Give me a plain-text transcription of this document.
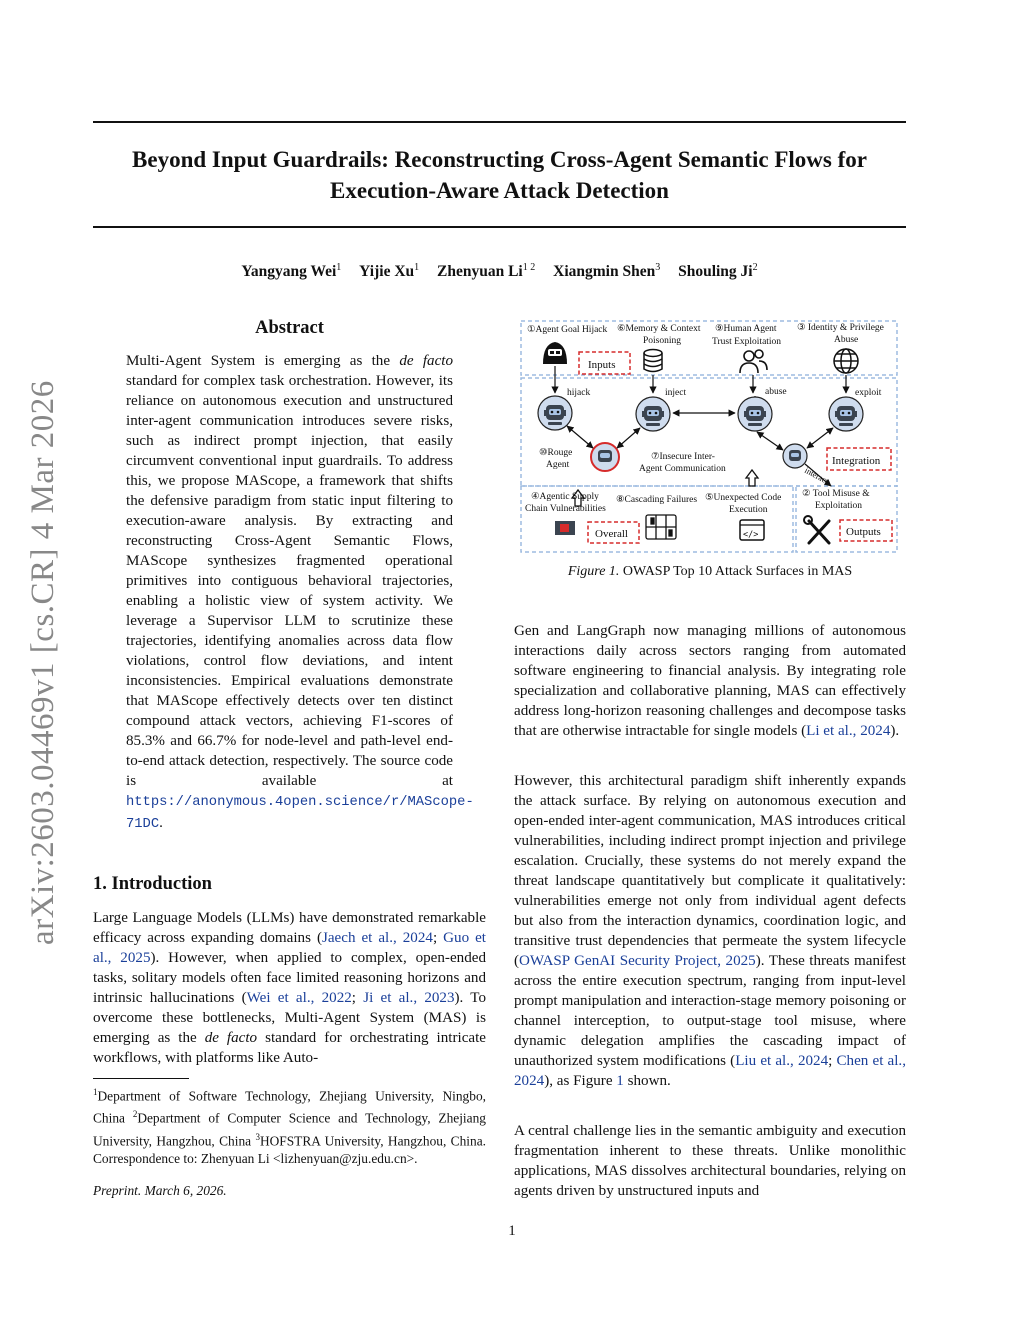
Beyond Input Guardrails: Reconstructing Cross-Agent Semantic Flows for Execution-Aware Attack Detection

Yangyang Wei$^1$ Yijie Xu$^1$ Zhenyuan $Li^{1 2}$ Xiangmin Shen$^3$ Shouling Ji$^2$

arXiv:2603.04469v1 [cs.CR] 4 Mar 2026
Abstract

Multi-Agent System is emerging as the de facto standard for complex task orchestration. However, its reliance on autonomous execution and unstructured inter-agent communication introduces severe risks, such as indirect prompt injection, that easily circumvent conventional input guardrails. To address this, we propose MAScope, a framework that shifts the defensive paradigm from static input filtering to execution-aware analysis. By extracting and reconstructing Cross-Agent Semantic Flows, MAScope synthesizes fragmented operational primitives into contiguous behavioral trajectories, enabling a holistic view of system activity. We leverage a Supervisor LLM to scrutinize these trajectories, identifying anomalies across data flow violations, control flow deviations, and intent inconsistencies. Empirical evaluations demonstrate that MAScope effectively detects over ten distinct compound attack vectors, achieving F1-scores of 85.3% and 66.7% for node-level and path-level end-to-end attack detection, respectively. The source code is available at https://anonymous.4open.science/r/MAScope-71DC.

1. Introduction

Large Language Models (LLMs) have demonstrated remarkable efficacy across expanding domains (Jaech et al., 2024; Guo et al., 2025). However, when applied to complex, open-ended tasks, solitary models often face limited reasoning horizons and intrinsic hallucinations (Wei et al., 2022; Ji et al., 2023). To overcome these bottlenecks, Multi-Agent System (MAS) is emerging as the de facto standard for orchestrating intricate workflows, with platforms like Auto-

$^1$Department of Software Technology, Zhejiang University, Ningbo, China $^2$Department of Computer Science and Technology, Zhejiang University, Hangzhou, China $^3$HOFSTRA University, Hangzhou, China. Correspondence to: Zhenyuan Li <lizhenyuan@zju.edu.cn>.

Preprint. March 6, 2026.

①Agent Goal Hijack ⑥Memory & Context
Poisoning
⑨Human Agent
Trust Exploitation
③ Identity & Privilege
Abuse
Inputs
hijack	inject	abuse	exploit
⑩Rouge
Agent
⑦Insecure Inter-
Agent Communication	interact
Integration
④Agentic Supply
Chain Vulnerabilities
⑧Cascading Failures ⑤Unexpected Code
Execution
② Tool Misuse &
Exploitation
Overall	</>	Outputs

Figure 1. OWASP Top 10 Attack Surfaces in MAS

Gen and LangGraph now managing millions of autonomous interactions daily across sectors ranging from automated software engineering to financial analysis. By integrating role specialization and collaborative planning, MAS can effectively address long-horizon reasoning challenges and decompose tasks that are otherwise intractable for single models (Li et al., 2024).

However, this architectural paradigm shift inherently expands the attack surface. By relying on autonomous execution and open-ended inter-agent communication, MAS introduces critical vulnerabilities, including indirect prompt injection and privilege escalation. Crucially, these systems do not merely expand the threat landscape quantitatively but complicate it qualitatively: vulnerabilities emerge not only from individual agent defects but also from the interaction dynamics, coordination logic, and transitive trust dependencies that permeate the system lifecycle (OWASP GenAI Security Project, 2025). These threats manifest across the entire execution spectrum, ranging from input-level prompt manipulation and interaction-stage memory poisoning or channel interception, to output-stage tool misuse, where dynamic delegation amplifies the cascading impact of unauthorized system modifications (Liu et al., 2024; Chen et al., 2024), as Figure 1 shown.

A central challenge lies in the semantic ambiguity and execution fragmentation inherent to these threats. Unlike monolithic applications, MAS dissolves architectural boundaries, relying on agents driven by unstructured inputs and

1
